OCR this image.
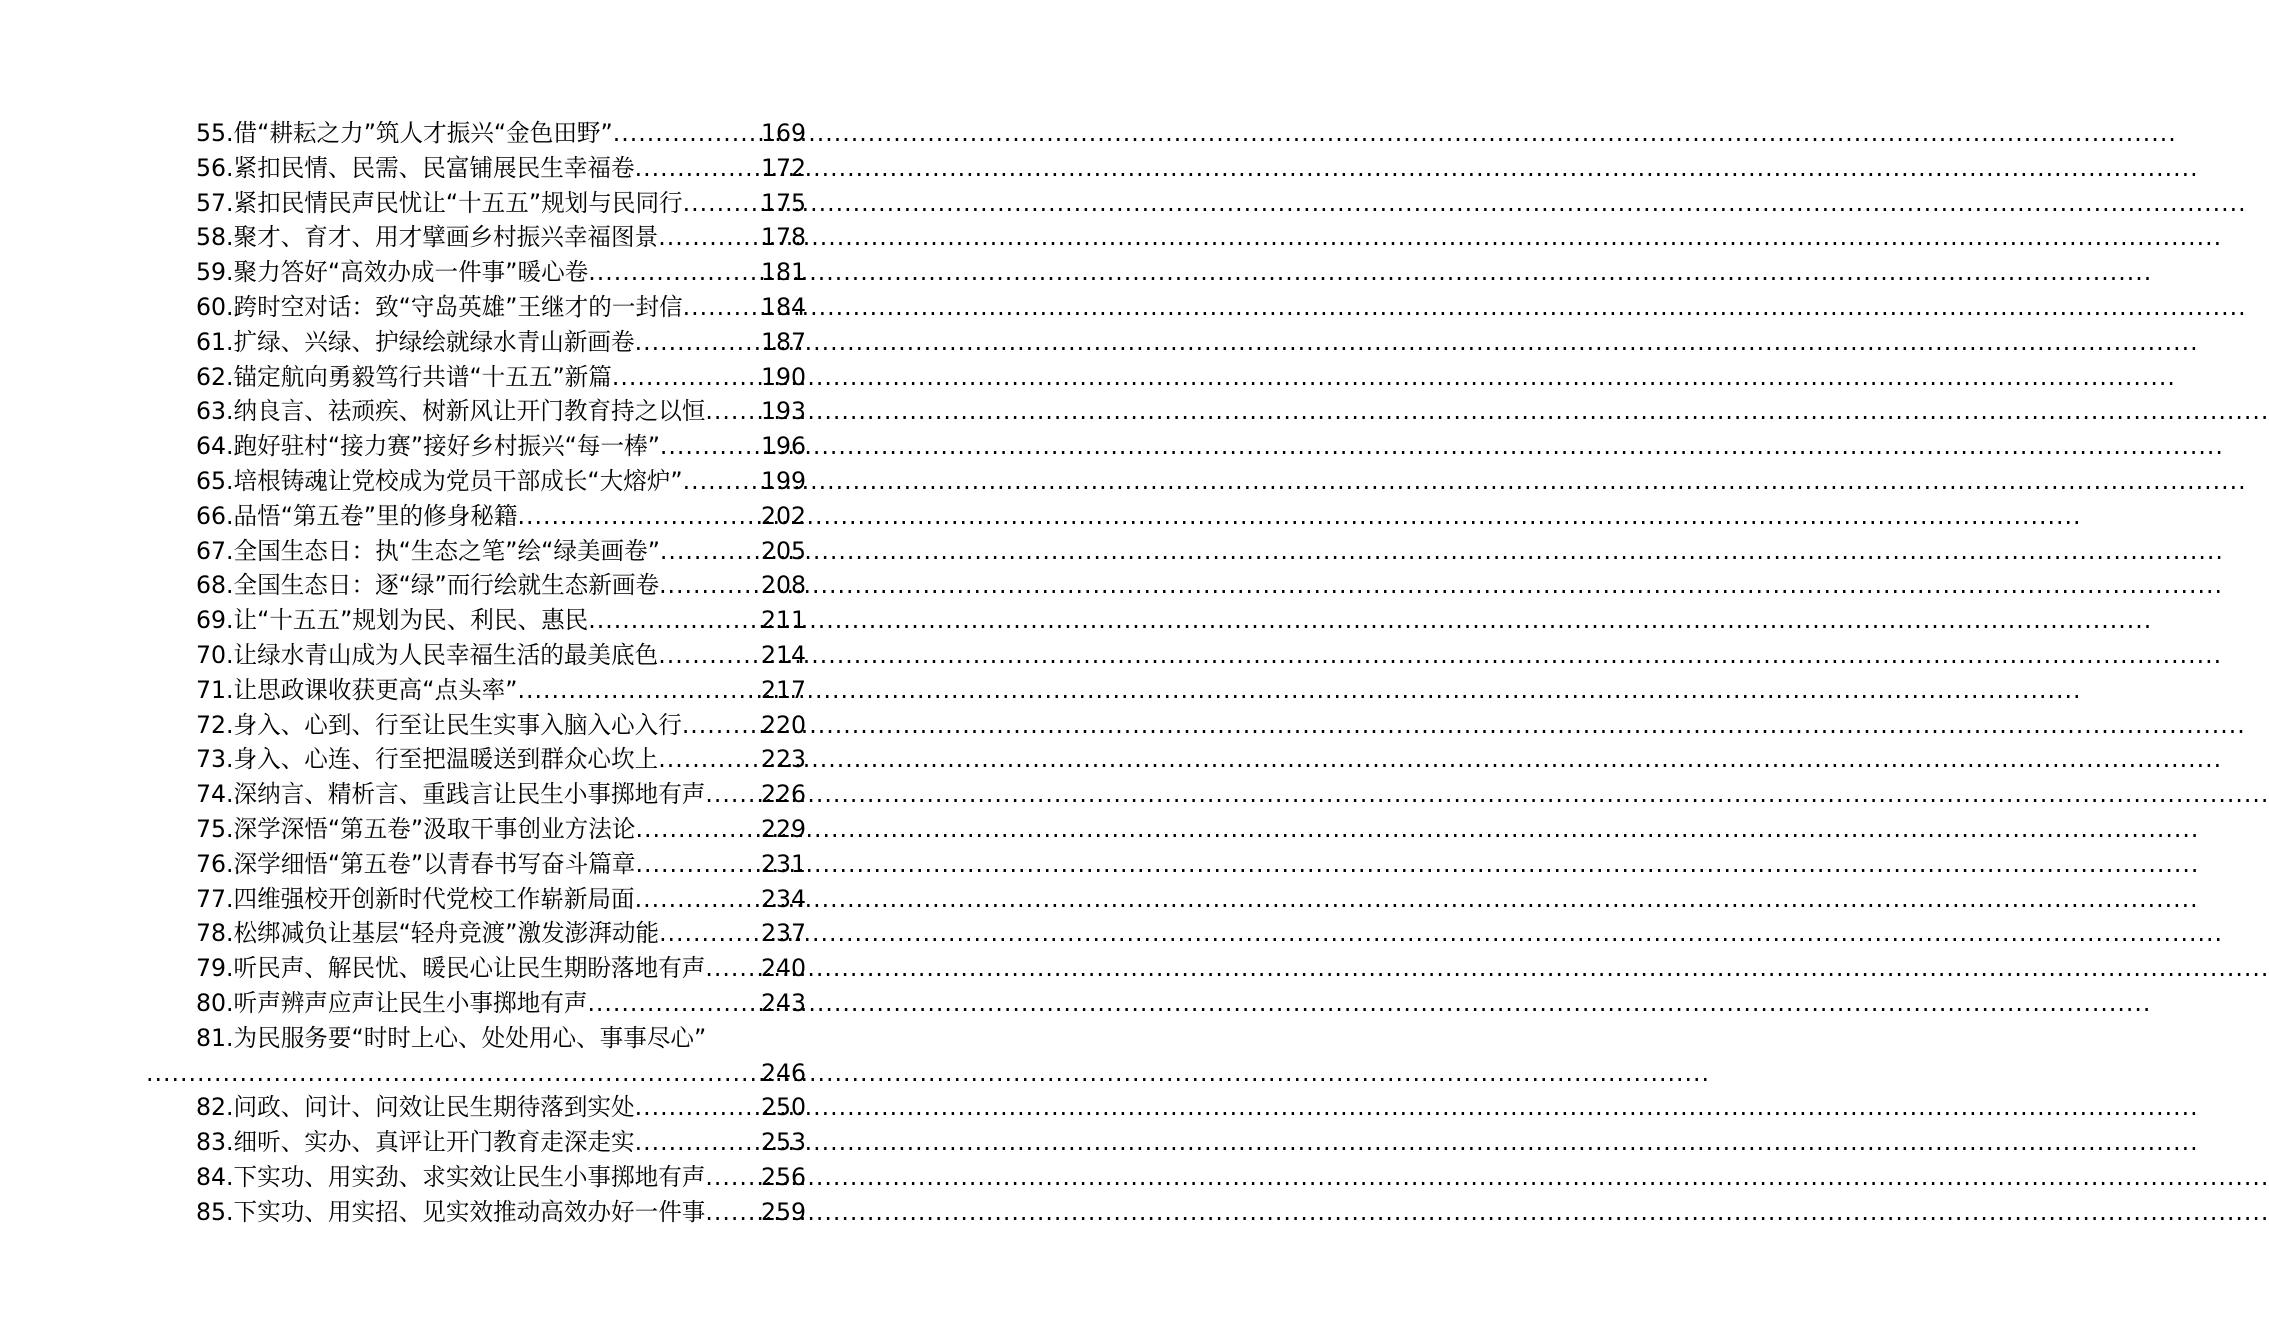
55.借“耕耘之力”筑人才振兴“金色田野” .....	169
56.紧扣民情、民需、民富铺展民生幸福卷 .....	172
57.紧扣民情民声民忧让“十五五”规划与民同行 .....	175
58.聚才、育才、用才擘画乡村振兴幸福图景 .....	178
59.聚力答好“高效办成一件事”暖心卷 .....	181
60.跨时空对话：致“守岛英雄”王继才的一封信 .....	184
61.扩绿、兴绿、护绿绘就绿水青山新画卷 .....	187
62.锚定航向勇毅笃行共谱“十五五”新篇 .....	190
63.纳良言、祛顽疾、树新风让开门教育持之以恒 ..... 193
64.跑好驻村“接力赛”接好乡村振兴“每一棒” .....	196
65.培根铸魂让党校成为党员干部成长“大熔炉” .....	199
66.品悟“第五卷”里的修身秘籍 .....	202
67.全国生态日：执“生态之笔”绘“绿美画卷” .....	205
68.全国生态日：逐“绿”而行绘就生态新画卷 .....	208
69.让“十五五”规划为民、利民、惠民 .....	211
70.让绿水青山成为人民幸福生活的最美底色 .....	214
71.让思政课收获更高“点头率” .....	217
72.身入、心到、行至让民生实事入脑入心入行 .....	220
73.身入、心连、行至把温暖送到群众心坎上 .....	223
74.深纳言、精析言、重践言让民生小事掷地有声 ..... 226
75.深学深悟“第五卷”汲取干事创业方法论 .....	229
76.深学细悟“第五卷”以青春书写奋斗篇章 .....	231
77.四维强校开创新时代党校工作崭新局面 .....	234
78.松绑减负让基层“轻舟竞渡”激发澎湃动能 .....	237
79.听民声、解民忧、暖民心让民生期盼落地有声 ..... 240
80.听声辨声应声让民生小事掷地有声 .....	243
81.为民服务要“时时上心、处处用心、事事尽心”
.....
246
82.问政、问计、问效让民生期待落到实处 .....	250
83.细听、实办、真评让开门教育走深走实 .....	253
84.下实功、用实劲、求实效让民生小事掷地有声 ..... 256
85.下实功、用实招、见实效推动高效办好一件事 ..... 259
